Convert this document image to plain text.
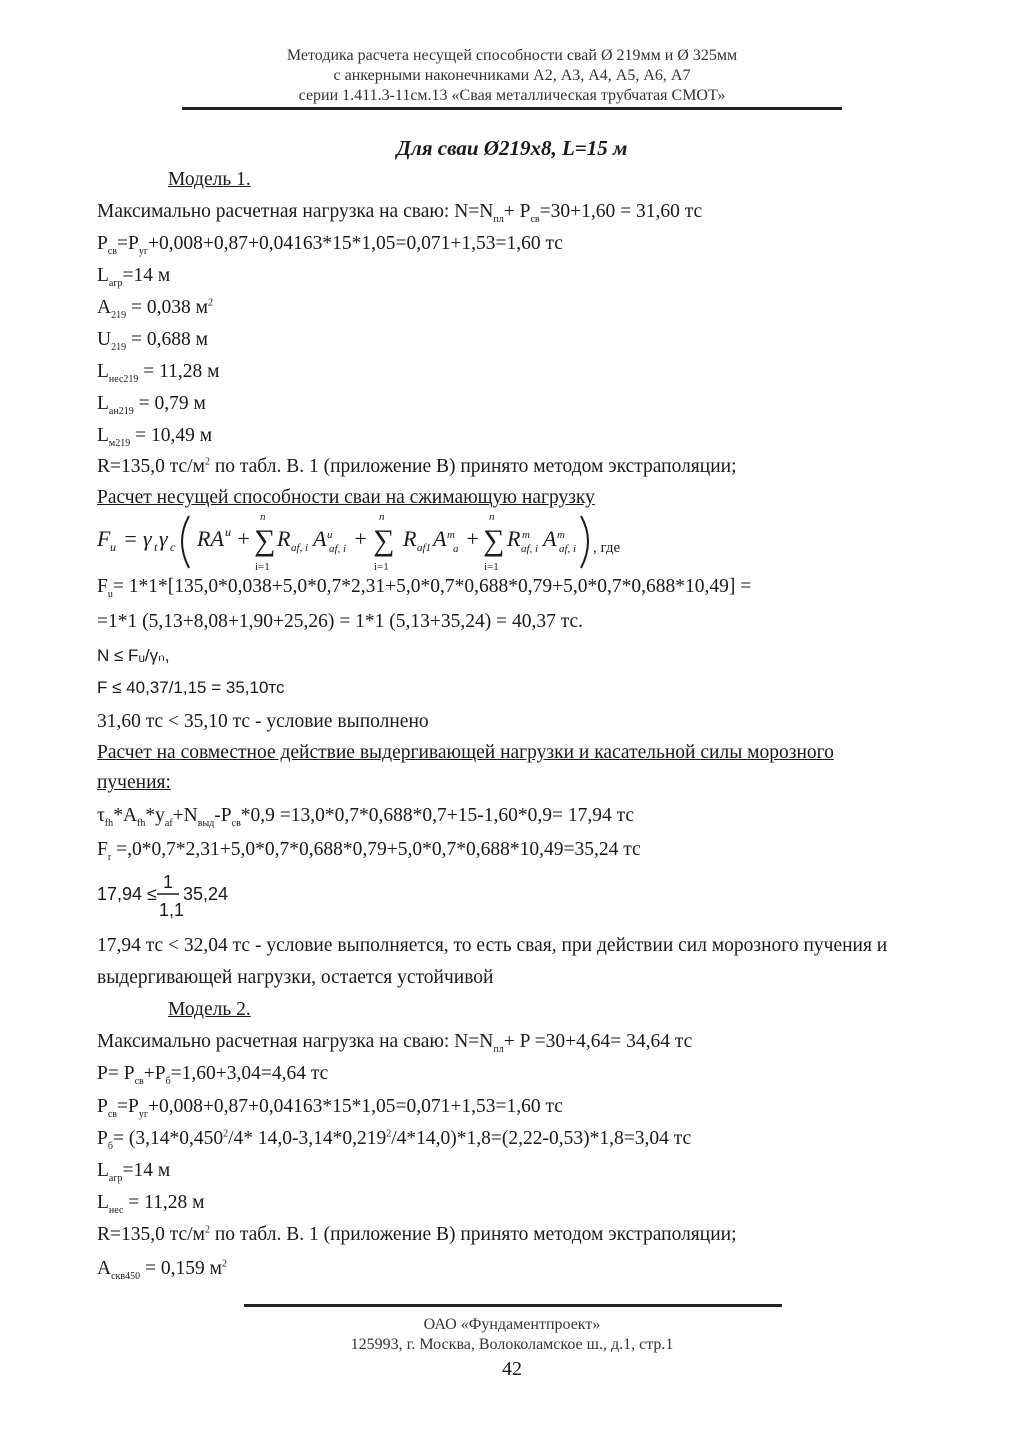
Методика расчета несущей способности свай Ø 219мм и Ø 325мм
с анкерными наконечниками А2, А3, А4, А5, А6, А7
серии 1.411.3-11см.13 «Свая металлическая трубчатая СМОТ»
Для сваи Ø219х8, L=15 м
Модель 1.
Максимально расчетная нагрузка на сваю: $N=N_{пл}+ P_{св}=30+1,60 = 31,60$ тс
$P_{св}=P_{уг}+0,008+0,87+0,04163*15*1,05=0,071+1,53=1,60$ тс
$L_{агр}=14$ м
$A_{219} = 0,038$ $м^2$
$U_{219} = 0,688$ м
$L_{нес219} = 11,28$ м
$L_{ан219} = 0,79$ м
$L_{м219} = 10,49$ м
R=135,0 $тс/м^2$ по табл. В. 1 (приложение В) принято методом экстраполяции;
Расчет несущей способности сваи на сжимающую нагрузку
F u = γ t γ c RA u + ∑
n
i=1
R af, i A u
af, i + ∑
n
i=1
R af1 A m
a + ∑
n
i=1
R m
af, i A m
af, i , где
$F_u= 1*1*[135,0*0,038+5,0*0,7*2,31+5,0*0,7*0,688*0,79+5,0*0,7*0,688*10,49]$ =
=1*1 (5,13+8,08+1,90+25,26) = 1*1 (5,13+35,24) = 40,37 тс.
N ≤ Fᵤ/γₙ,
F ≤ 40,37/1,15 = 35,10тс
31,60 тс < 35,10 тс - условие выполнено
Расчет на совместное действие выдергивающей нагрузки и касательной силы морозного
пучения:
$\tau_{fh}*A_{fh}*у_{af}+N_{выд}-P_{св}*0,9 =13,0*0,7*0,688*0,7+15-1,60*0,9= 17,94$ тс
$F_r =,0*0,7*2,31+5,0*0,7*0,688*0,79+5,0*0,7*0,688*10,49=35,24$ тс
17,94 ≤
1
1,1
35,24
17,94 тс < 32,04 тс - условие выполняется, то есть свая, при действии сил морозного пучения и
выдергивающей нагрузки, остается устойчивой
Модель 2.
Максимально расчетная нагрузка на сваю: $N=N_{пл}+ P =30+4,64= 34,64$ тс
$P= P_{св}+P_б=1,60+3,04=4,64$ тс
$P_{св}=P_{уг}+0,008+0,87+0,04163*15*1,05=0,071+1,53=1,60$ тс
$P_б= (3,14*0,450^2/4*$ $14,0-3,14*0,219^2/4*14,0)*1,8=(2,22-0,53)*1,8=3,04$ тс
$L_{агр}=14$ м
$L_{нес} = 11,28$ м
R=135,0 $тс/м^2$ по табл. В. 1 (приложение В) принято методом экстраполяции;
$A_{скв450} = 0,159$ $м^2$
ОАО «Фундаментпроект»
125993, г. Москва, Волоколамское ш., д.1, стр.1
42
